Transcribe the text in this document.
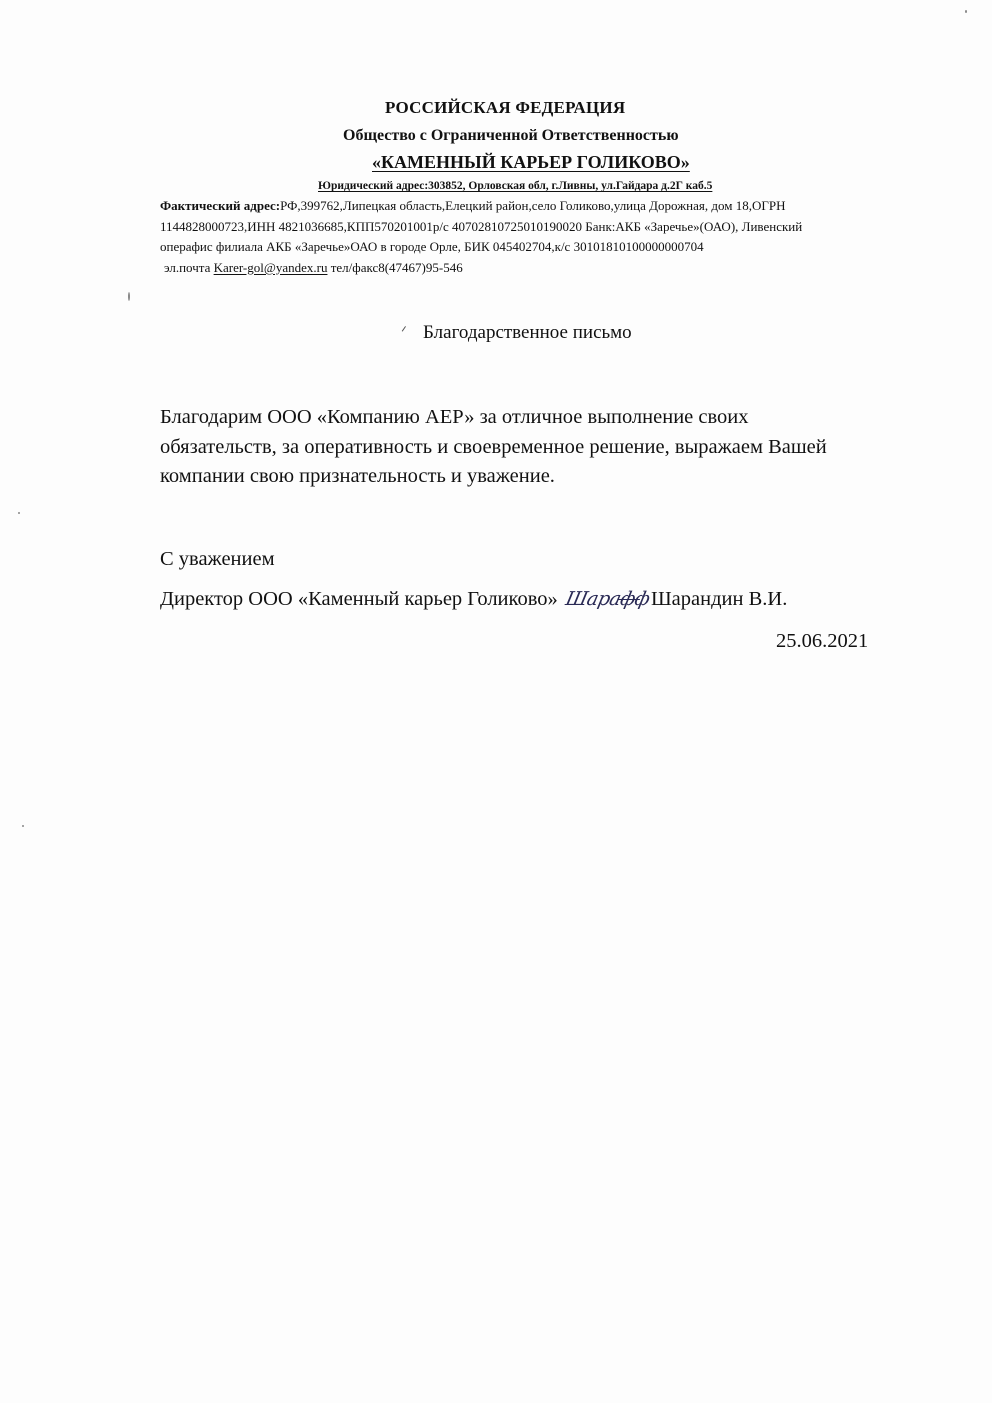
РОССИЙСКАЯ ФЕДЕРАЦИЯ
Общество с Ограниченной Ответственностью
«КАМЕННЫЙ КАРЬЕР ГОЛИКОВО»
Юридический адрес:303852, Орловская обл, г.Ливны, ул.Гайдара д.2Г каб.5
Фактический адрес:РФ,399762,Липецкая область,Елецкий район,село Голиково,улица Дорожная, дом 18,ОГРН
1144828000723,ИНН 4821036685,КПП570201001р/с 40702810725010190020 Банк:АКБ «Заречье»(ОАО), Ливенский
операфис филиала АКБ «Заречье»ОАО в городе Орле, БИК 045402704,к/с 30101810100000000704
эл.почта Karer-gol@yandex.ru тел/факс8(47467)95-546
Благодарственное письмо
Благодарим ООО «Компанию АЕР» за отличное выполнение своих
обязательств, за оперативность и своевременное решение, выражаем Вашей
компании свою признательность и уважение.
С уважением
Директор ООО «Каменный карьер Голиково» ШараффШарандин В.И.
25.06.2021
